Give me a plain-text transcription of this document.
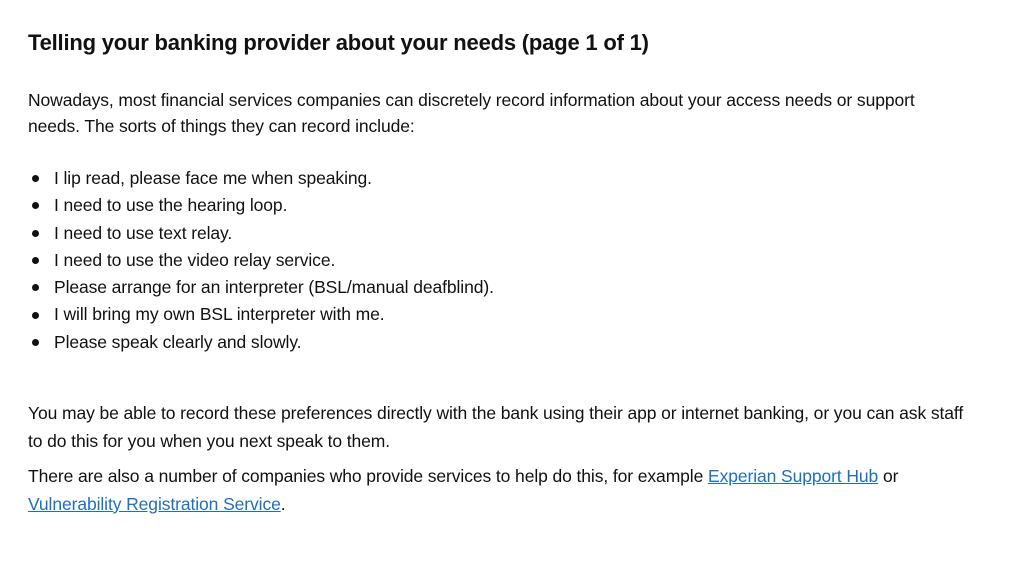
Telling your banking provider about your needs (page 1 of 1)

Nowadays, most financial services companies can discretely record information about your access needs or support needs. The sorts of things they can record include:

I lip read, please face me when speaking.
I need to use the hearing loop.
I need to use text relay.
I need to use the video relay service.
Please arrange for an interpreter (BSL/manual deafblind).
I will bring my own BSL interpreter with me.
Please speak clearly and slowly.

You may be able to record these preferences directly with the bank using their app or internet banking, or you can ask staff to do this for you when you next speak to them.

There are also a number of companies who provide services to help do this, for example Experian Support Hub or Vulnerability Registration Service.
